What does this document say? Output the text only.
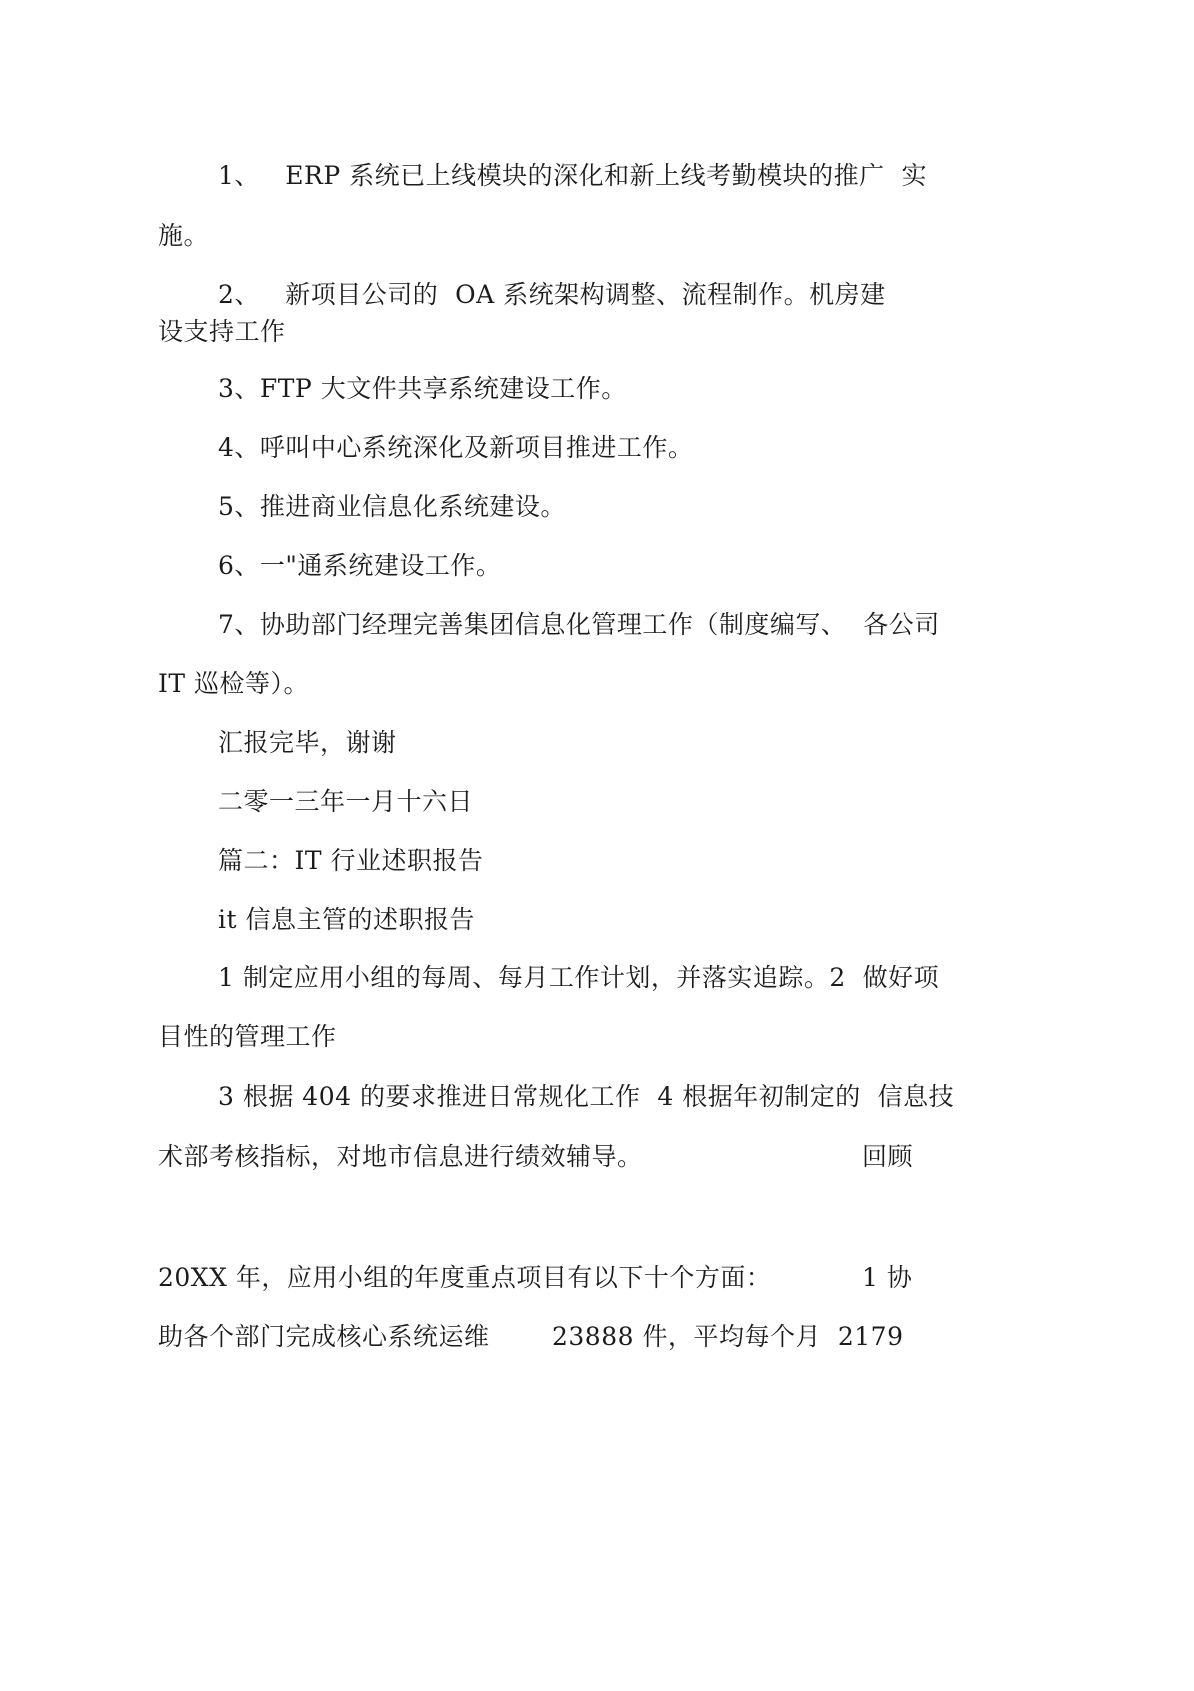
1、   ERP 系统已上线模块的深化和新上线考勤模块的推广  实
施。
2、   新项目公司的  OA 系统架构调整、流程制作。机房建
设支持工作
3、FTP 大文件共享系统建设工作。
4、呼叫中心系统深化及新项目推进工作。
5、推进商业信息化系统建设。
6、一"通系统建设工作。
7、协助部门经理完善集团信息化管理工作（制度编写、  各公司
IT 巡检等）。
汇报完毕，谢谢
二零一三年一月十六日
篇二：IT 行业述职报告
it 信息主管的述职报告
1 制定应用小组的每周、每月工作计划，并落实追踪。2  做好项
目性的管理工作
3 根据 404 的要求推进日常规化工作  4 根据年初制定的  信息技
术部考核指标，对地市信息进行绩效辅导。	回顾
20XX 年，应用小组的年度重点项目有以下十个方面：	1 协
助各个部门完成核心系统运维 23888 件，平均每个月  2179
